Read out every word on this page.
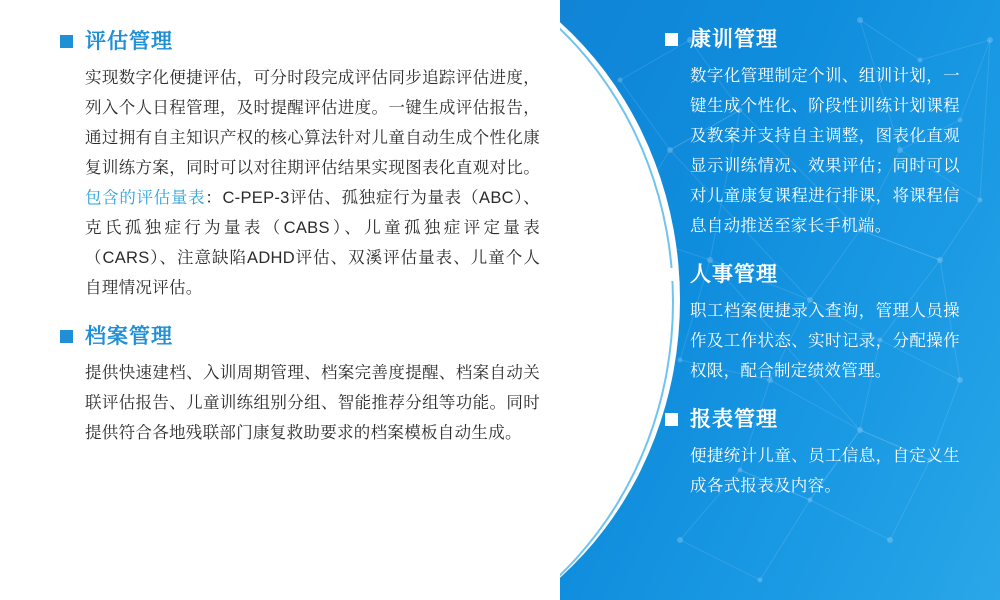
康训管理

数字化管理制定个训、组训计划，一键生成个性化、阶段性训练计划课程及教案并支持自主调整，图表化直观显示训练情况、效果评估；同时可以对儿童康复课程进行排课，将课程信息自动推送至家长手机端。

人事管理

职工档案便捷录入查询，管理人员操作及工作状态、实时记录，分配操作权限，配合制定绩效管理。

报表管理

便捷统计儿童、员工信息，自定义生成各式报表及内容。

评估管理

实现数字化便捷评估，可分时段完成评估同步追踪评估进度，列入个人日程管理，及时提醒评估进度。一键生成评估报告，通过拥有自主知识产权的核心算法针对儿童自动生成个性化康复训练方案，同时可以对往期评估结果实现图表化直观对比。包含的评估量表：C-PEP-3评估、孤独症行为量表（ABC）、克氏孤独症行为量表（CABS）、儿童孤独症评定量表（CARS）、注意缺陷ADHD评估、双溪评估量表、儿童个人自理情况评估。

档案管理

提供快速建档、入训周期管理、档案完善度提醒、档案自动关联评估报告、儿童训练组别分组、智能推荐分组等功能。同时提供符合各地残联部门康复救助要求的档案模板自动生成。
